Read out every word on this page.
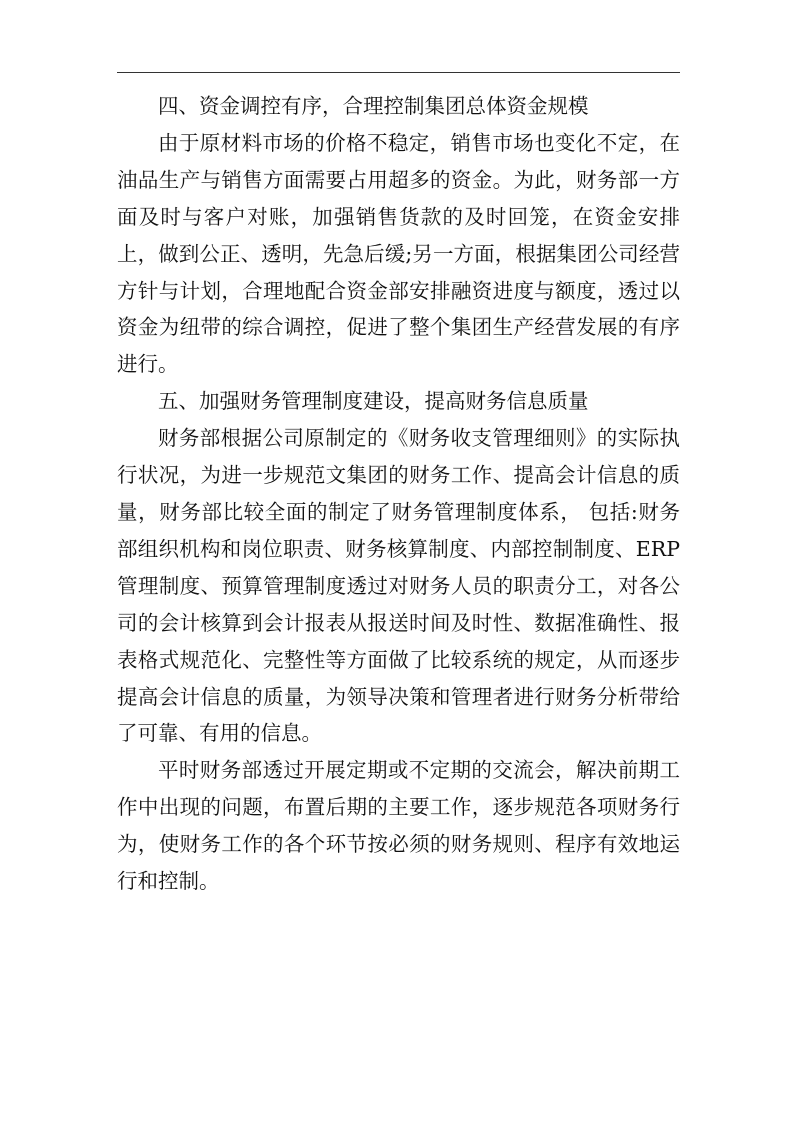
四、资金调控有序，合理控制集团总体资金规模

由于原材料市场的价格不稳定，销售市场也变化不定，在油品生产与销售方面需要占用超多的资金。为此，财务部一方面及时与客户对账，加强销售货款的及时回笼，在资金安排上，做到公正、透明，先急后缓;另一方面，根据集团公司经营方针与计划，合理地配合资金部安排融资进度与额度，透过以资金为纽带的综合调控，促进了整个集团生产经营发展的有序进行。

五、加强财务管理制度建设，提高财务信息质量

财务部根据公司原制定的《财务收支管理细则》的实际执行状况，为进一步规范文集团的财务工作、提高会计信息的质量，财务部比较全面的制定了财务管理制度体系， 包括:财务部组织机构和岗位职责、财务核算制度、内部控制制度、ERP管理制度、预算管理制度透过对财务人员的职责分工，对各公司的会计核算到会计报表从报送时间及时性、数据准确性、报表格式规范化、完整性等方面做了比较系统的规定，从而逐步提高会计信息的质量，为领导决策和管理者进行财务分析带给了可靠、有用的信息。

平时财务部透过开展定期或不定期的交流会，解决前期工作中出现的问题，布置后期的主要工作，逐步规范各项财务行为，使财务工作的各个环节按必须的财务规则、程序有效地运行和控制。
